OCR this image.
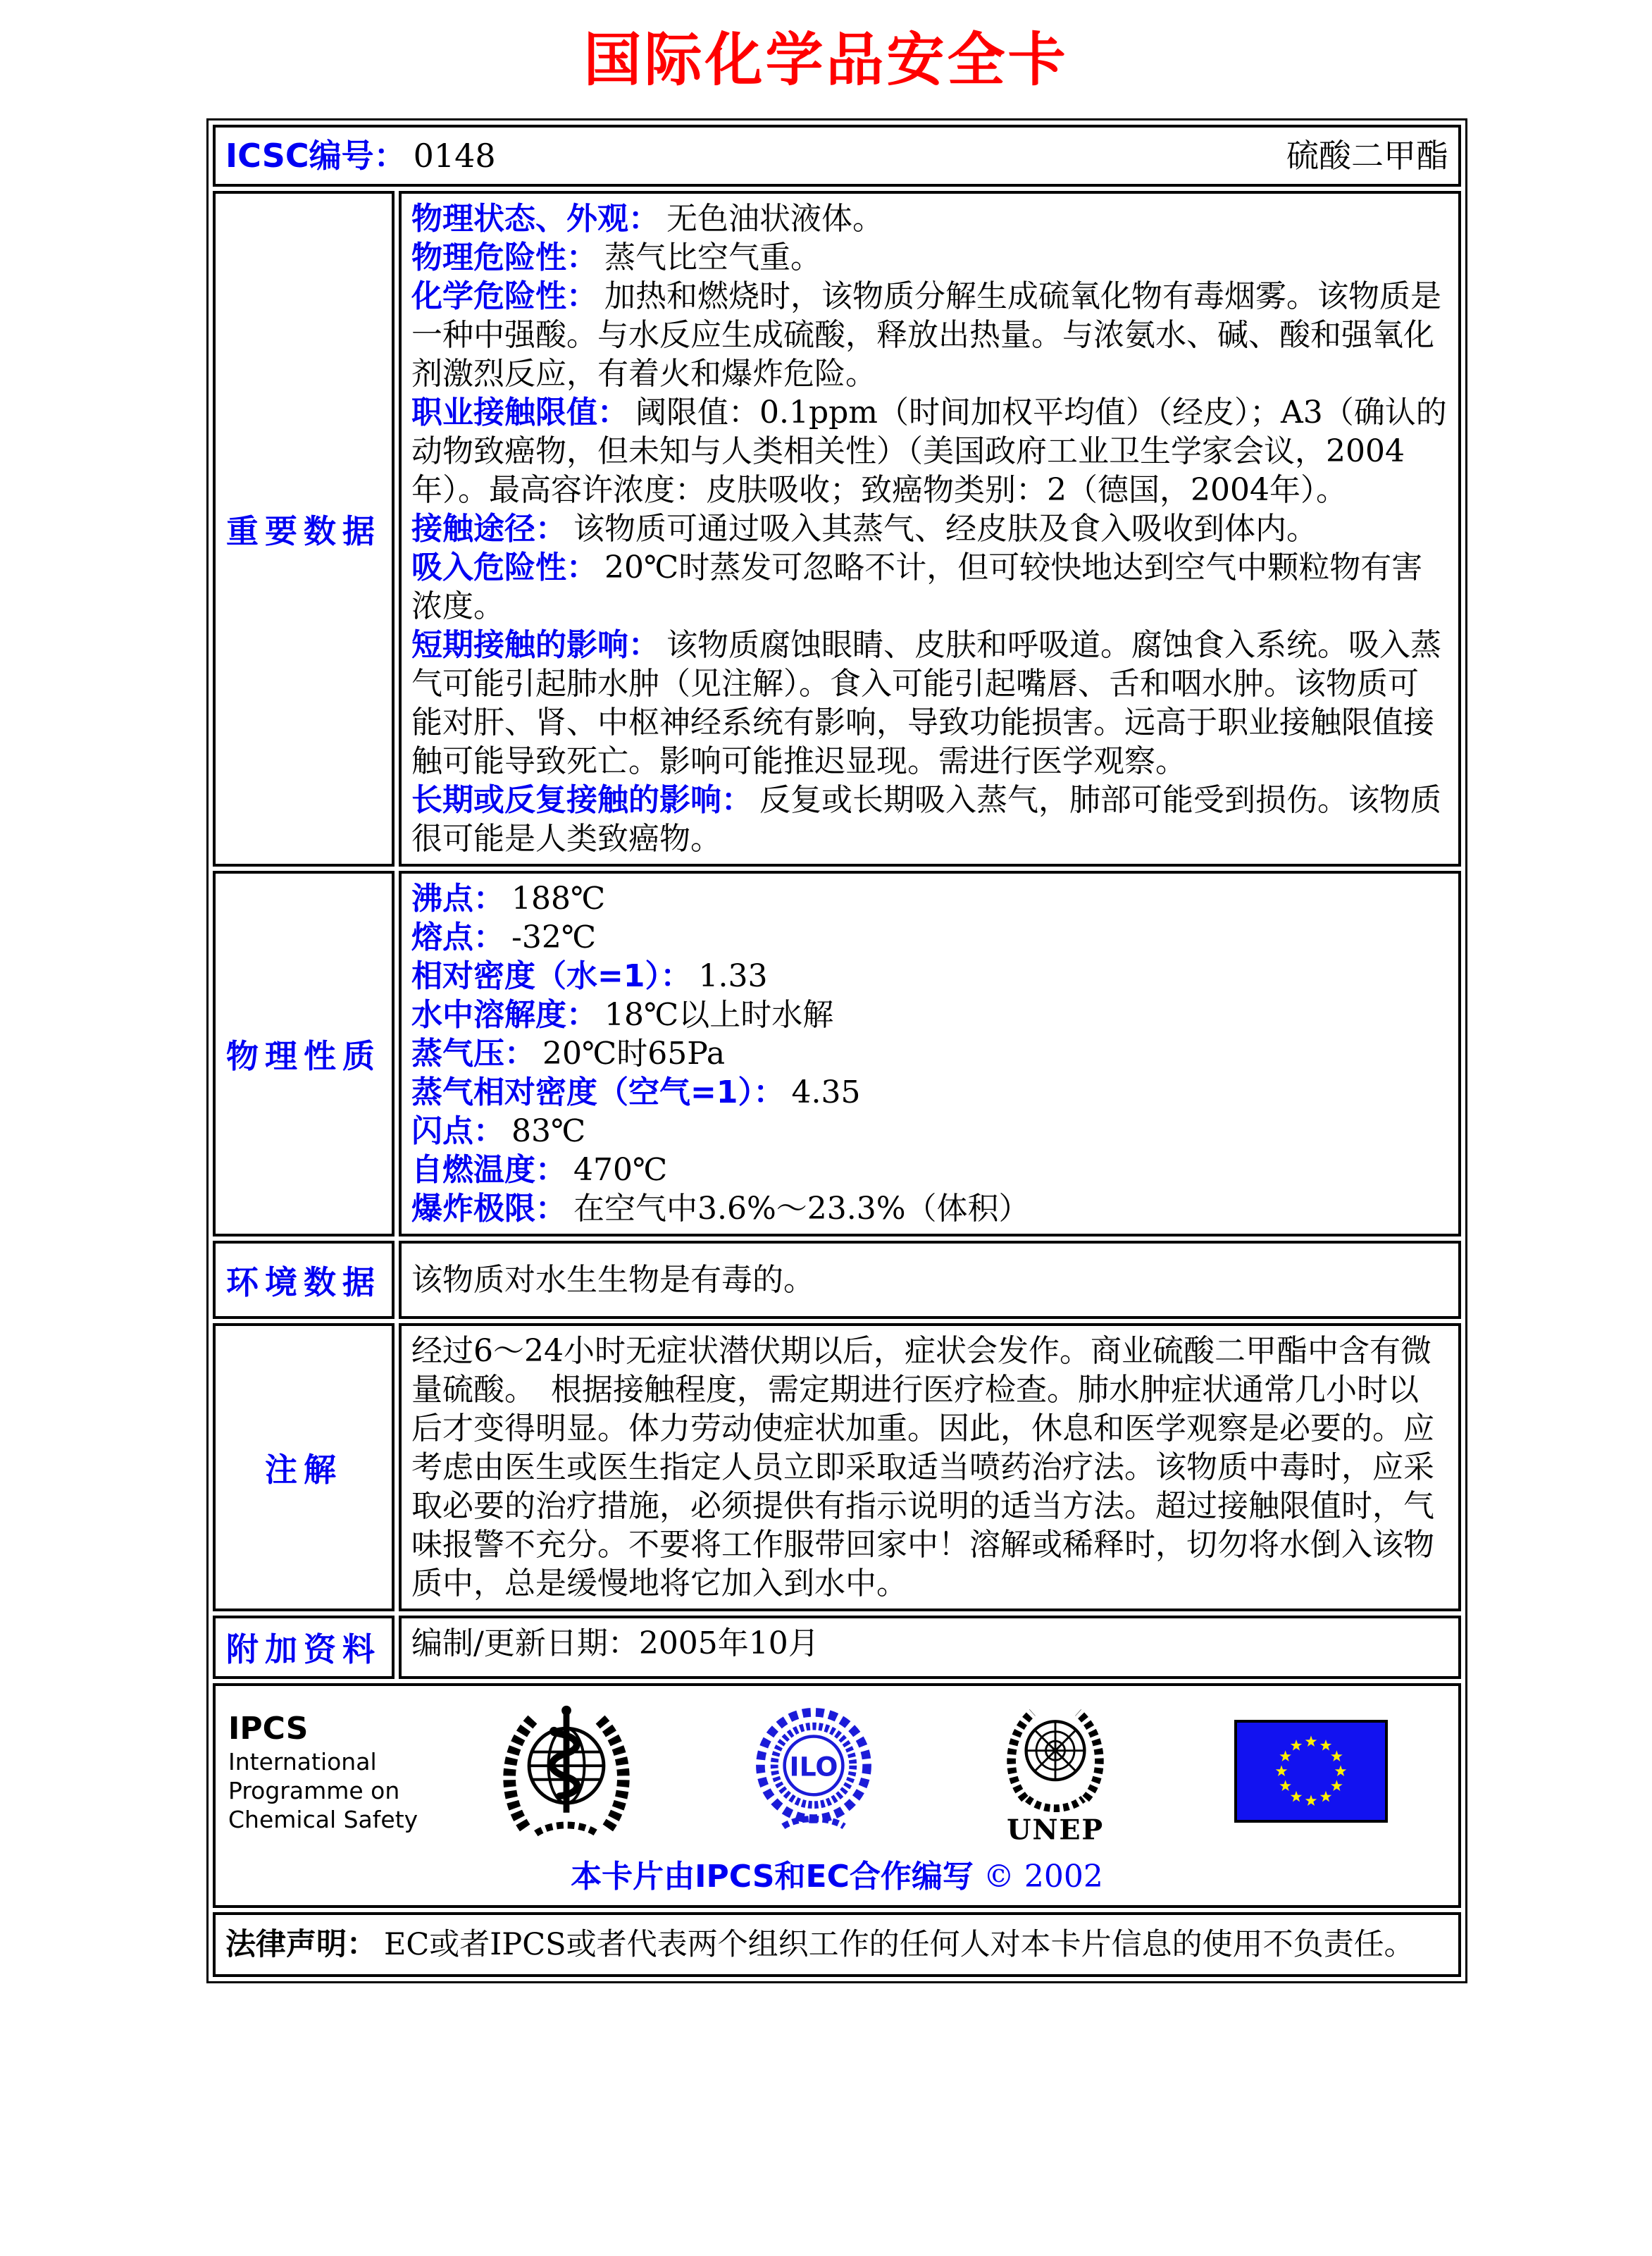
国际化学品安全卡
ICSC编号： 0148	硫酸二甲酯
重要数据

物理状态、外观： 无色油状液体。

物理危险性： 蒸气比空气重。

化学危险性： 加热和燃烧时，该物质分解生成硫氧化物有毒烟雾。该物质是一种中强酸。与水反应生成硫酸，释放出热量。与浓氨水、碱、酸和强氧化剂激烈反应，有着火和爆炸危险。

职业接触限值： 阈限值：0.1ppm（时间加权平均值）（经皮）；A3（确认的动物致癌物，但未知与人类相关性）（美国政府工业卫生学家会议，2004年）。最高容许浓度：皮肤吸收；致癌物类别：2（德国，2004年）。

接触途径： 该物质可通过吸入其蒸气、经皮肤及食入吸收到体内。

吸入危险性： 20℃时蒸发可忽略不计，但可较快地达到空气中颗粒物有害浓度。

短期接触的影响： 该物质腐蚀眼睛、皮肤和呼吸道。腐蚀食入系统。吸入蒸气可能引起肺水肿（见注解）。食入可能引起嘴唇、舌和咽水肿。该物质可能对肝、肾、中枢神经系统有影响，导致功能损害。远高于职业接触限值接触可能导致死亡。影响可能推迟显现。需进行医学观察。

长期或反复接触的影响： 反复或长期吸入蒸气，肺部可能受到损伤。该物质很可能是人类致癌物。

物理性质

沸点： 188℃

熔点： -32℃

相对密度（水=1）： 1.33

水中溶解度： 18℃以上时水解

蒸气压： 20℃时65Pa

蒸气相对密度（空气=1）： 4.35

闪点： 83℃

自燃温度： 470℃

爆炸极限： 在空气中3.6%～23.3%（体积）

环境数据 该物质对水生生物是有毒的。

注解

经过6～24小时无症状潜伏期以后，症状会发作。商业硫酸二甲酯中含有微量硫酸。　根据接触程度，需定期进行医疗检查。肺水肿症状通常几小时以后才变得明显。体力劳动使症状加重。因此，休息和医学观察是必要的。应考虑由医生或医生指定人员立即采取适当喷药治疗法。该物质中毒时，应采取必要的治疗措施，必须提供有指示说明的适当方法。超过接触限值时，气味报警不充分。不要将工作服带回家中！溶解或稀释时，切勿将水倒入该物质中，总是缓慢地将它加入到水中。

附加资料 编制/更新日期：2005年10月

IPCS
International
Programme on
Chemical Safety
ILO
UNEP
本卡片由IPCS和EC合作编写 © 2002
法律声明： EC或者IPCS或者代表两个组织工作的任何人对本卡片信息的使用不负责任。
